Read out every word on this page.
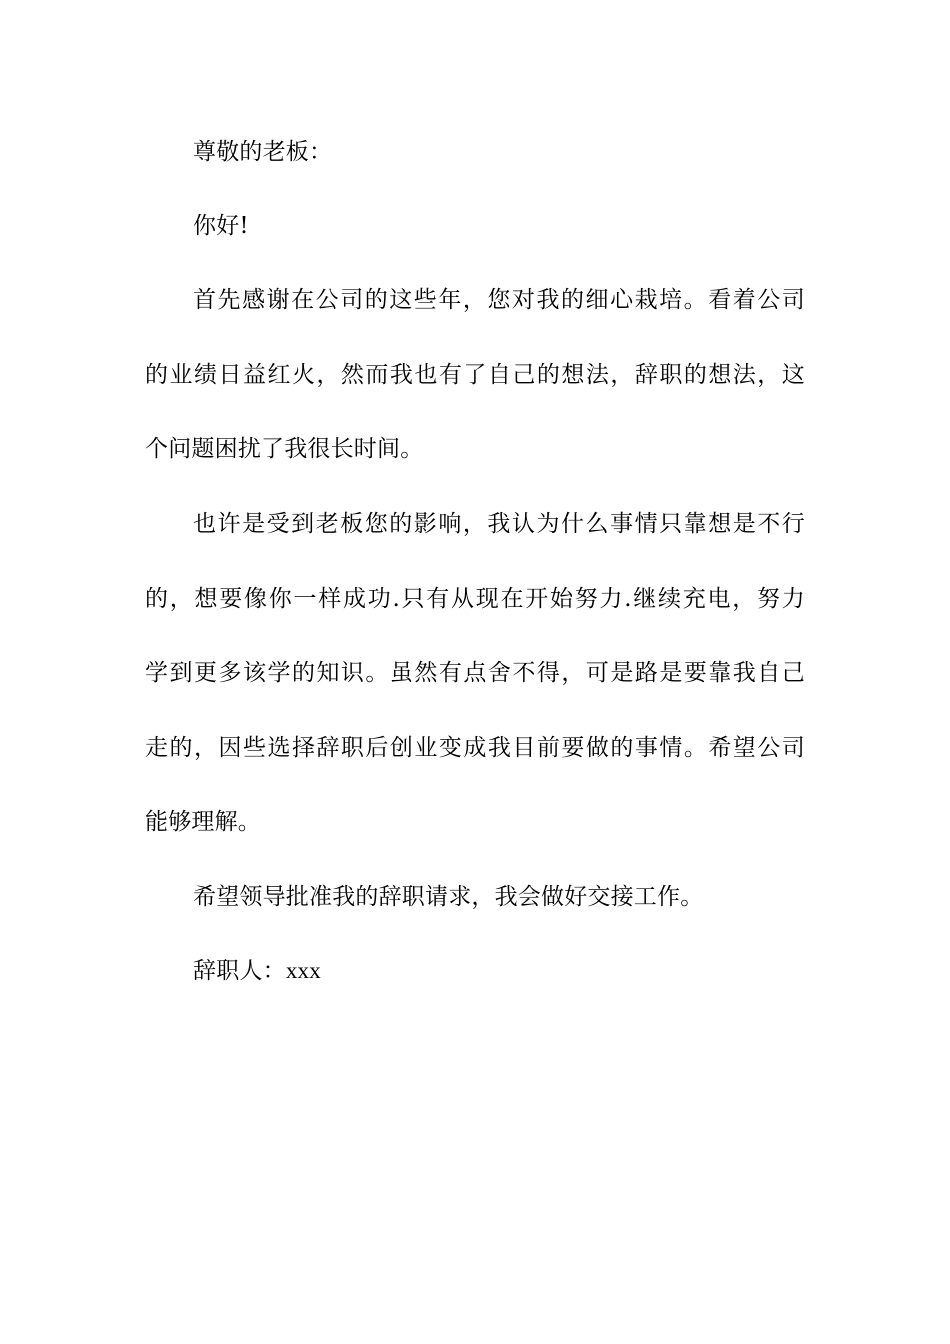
尊敬的老板：
你好!
首先感谢在公司的这些年，您对我的细心栽培。看着公司
的业绩日益红火，然而我也有了自己的想法，辞职的想法，这
个问题困扰了我很长时间。
也许是受到老板您的影响，我认为什么事情只靠想是不行
的，想要像你一样成功.只有从现在开始努力.继续充电，努力
学到更多该学的知识。虽然有点舍不得，可是路是要靠我自己
走的，因些选择辞职后创业变成我目前要做的事情。希望公司
能够理解。
希望领导批准我的辞职请求，我会做好交接工作。
辞职人：xxx
